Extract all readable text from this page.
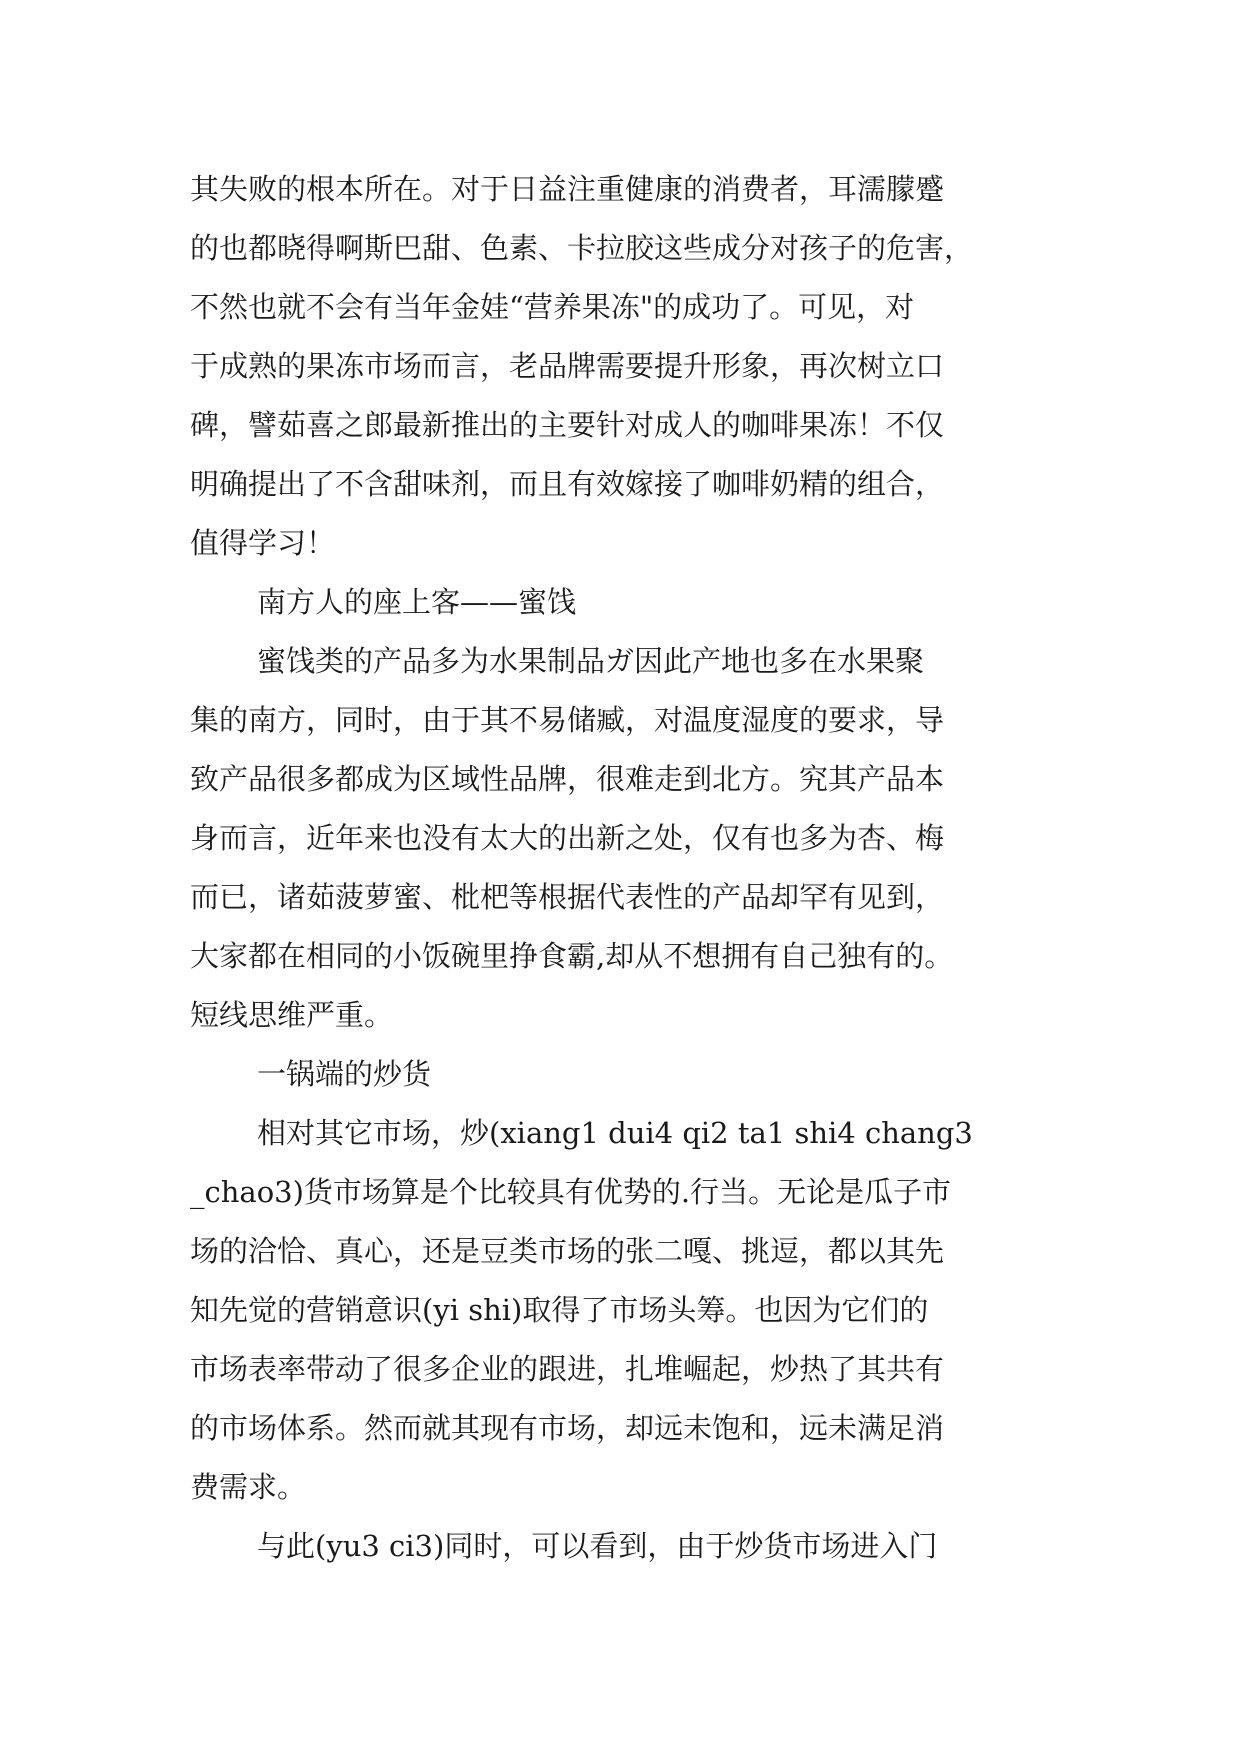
其失败的根本所在。对于日益注重健康的消费者，耳濡朦蹙
的也都晓得啊斯巴甜、色素、卡拉胶这些成分对孩子的危害，
不然也就不会有当年金娃“营养果冻"的成功了。可见，对
于成熟的果冻市场而言，老品牌需要提升形象，再次树立口
碑，譬茹喜之郎最新推出的主要针对成人的咖啡果冻！不仅
明确提出了不含甜味剂，而且有效嫁接了咖啡奶精的组合，
值得学习！
南方人的座上客——蜜饯
蜜饯类的产品多为水果制品ガ因此产地也多在水果聚
集的南方，同时，由于其不易储臧，对温度湿度的要求，导
致产品很多都成为区域性品牌，很难走到北方。究其产品本
身而言，近年来也没有太大的出新之处，仅有也多为杏、梅
而已，诸茹菠萝蜜、枇杷等根据代表性的产品却罕有见到，
大家都在相同的小饭碗里挣食霸,却从不想拥有自己独有的。
短线思维严重。
一锅端的炒货
相对其它市场，炒(xiang1 dui4 qi2 ta1 shi4 chang3
_chao3)货市场算是个比较具有优势的.行当。无论是瓜子市
场的洽恰、真心，还是豆类市场的张二嘎、挑逗，都以其先
知先觉的营销意识(yi shi)取得了市场头筹。也因为它们的
市场表率带动了很多企业的跟进，扎堆崛起，炒热了其共有
的市场体系。然而就其现有市场，却远未饱和，远未满足消
费需求。
与此(yu3 ci3)同时，可以看到，由于炒货市场进入门
